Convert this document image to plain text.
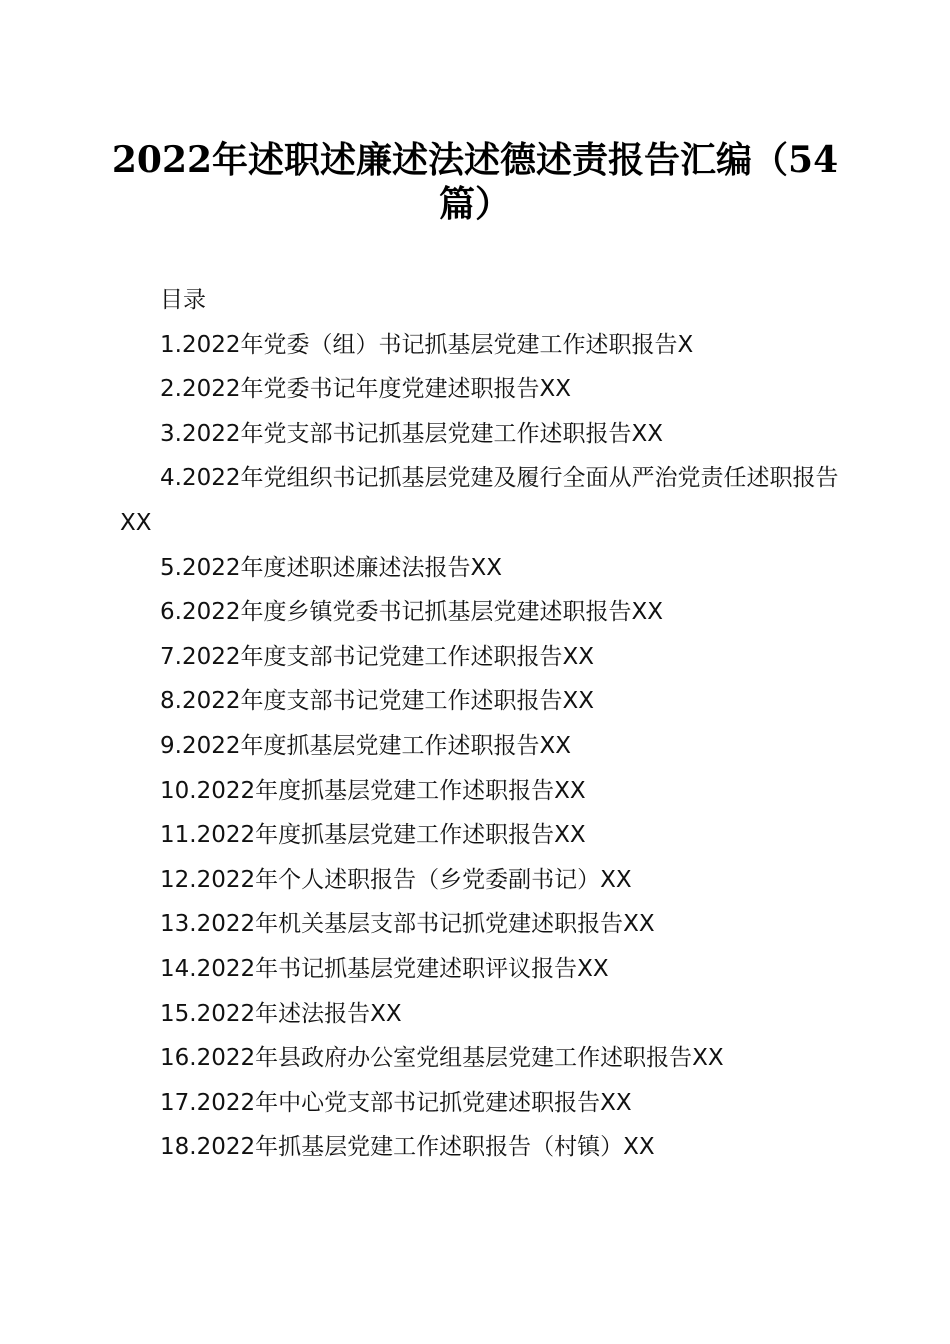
2022年述职述廉述法述德述责报告汇编（54篇）

目录

1.2022年党委（组）书记抓基层党建工作述职报告X

2.2022年党委书记年度党建述职报告XX

3.2022年党支部书记抓基层党建工作述职报告XX

4.2022年党组织书记抓基层党建及履行全面从严治党责任述职报告XX

5.2022年度述职述廉述法报告XX

6.2022年度乡镇党委书记抓基层党建述职报告XX

7.2022年度支部书记党建工作述职报告XX

8.2022年度支部书记党建工作述职报告XX

9.2022年度抓基层党建工作述职报告XX

10.2022年度抓基层党建工作述职报告XX

11.2022年度抓基层党建工作述职报告XX

12.2022年个人述职报告（乡党委副书记）XX

13.2022年机关基层支部书记抓党建述职报告XX

14.2022年书记抓基层党建述职评议报告XX

15.2022年述法报告XX

16.2022年县政府办公室党组基层党建工作述职报告XX

17.2022年中心党支部书记抓党建述职报告XX

18.2022年抓基层党建工作述职报告（村镇）XX
